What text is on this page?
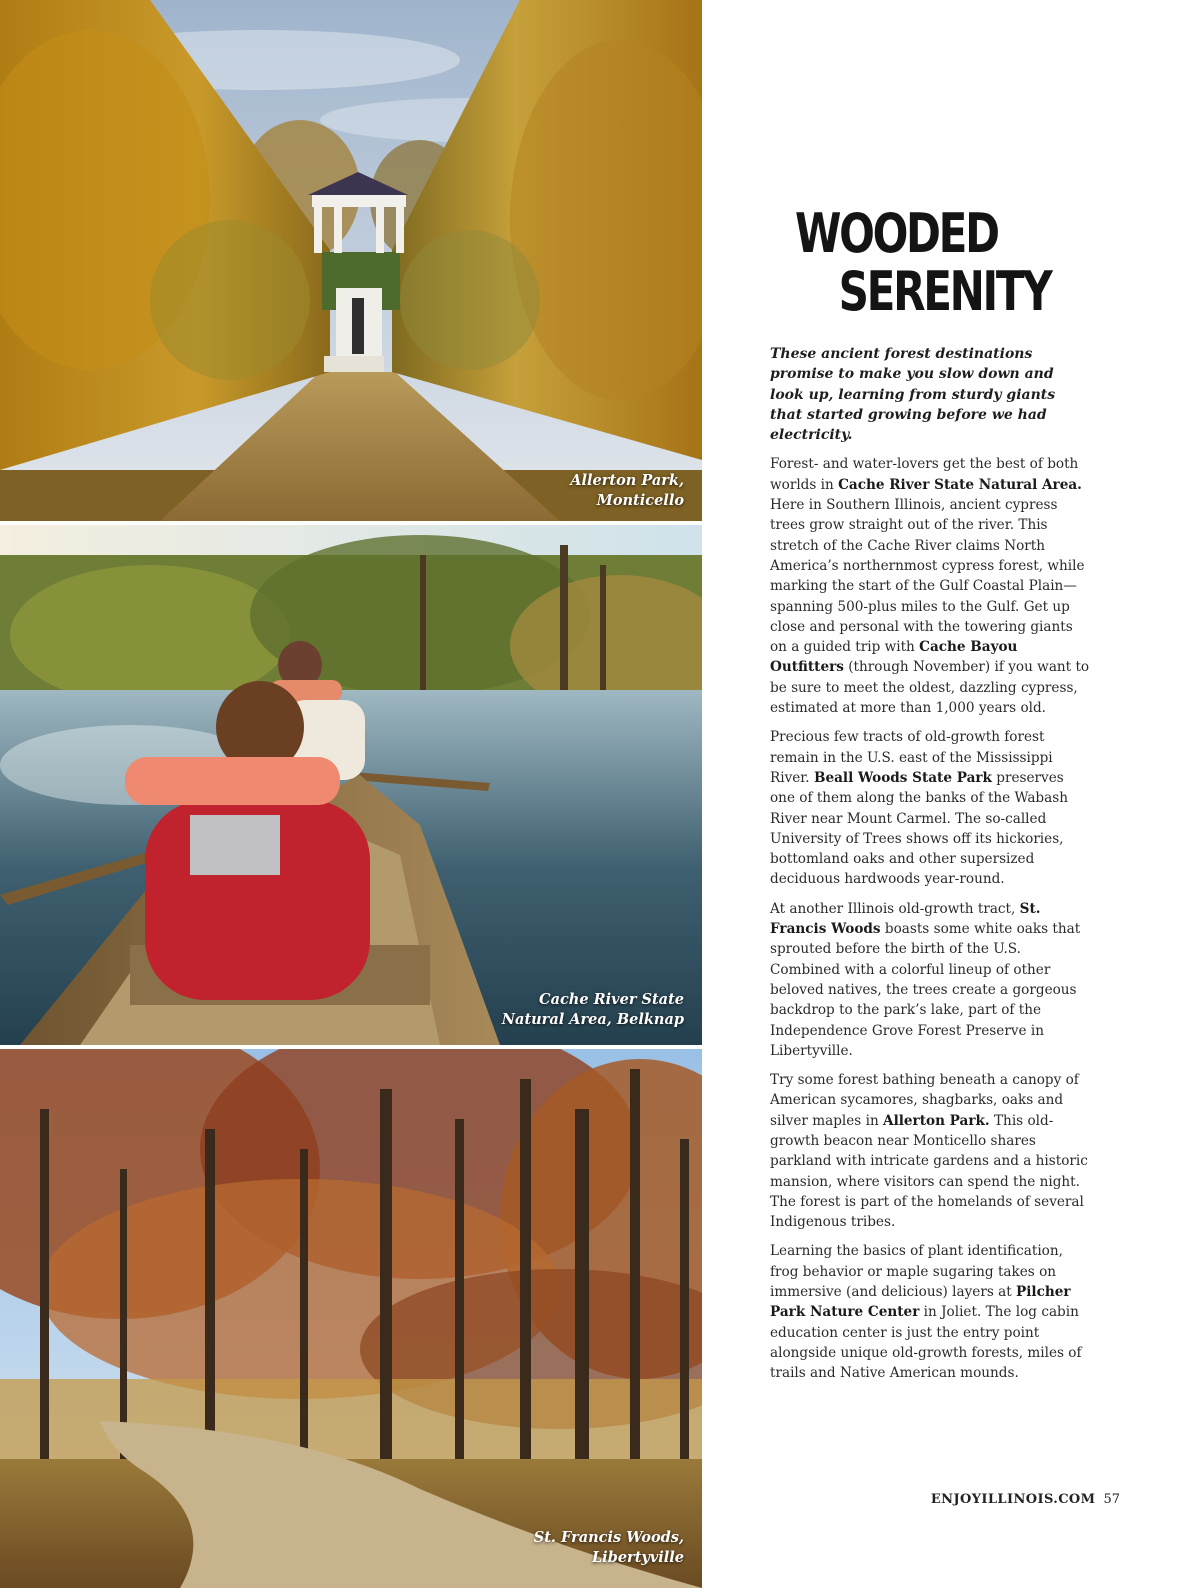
Allerton Park,
Monticello
Cache River State
Natural Area, Belknap
St. Francis Woods,
Libertyville
WOODED
SERENITY

These ancient forest destinations promise to make you slow down and look up, learning from sturdy giants that started growing before we had electricity.

Forest- and water-lovers get the best of both worlds in Cache River State Natural Area. Here in Southern Illinois, ancient cypress trees grow straight out of the river. This stretch of the Cache River claims North America’s northernmost cypress forest, while marking the start of the Gulf Coastal Plain—spanning 500-plus miles to the Gulf. Get up close and personal with the towering giants on a guided trip with Cache Bayou Outfitters (through November) if you want to be sure to meet the oldest, dazzling cypress, estimated at more than 1,000 years old.

Precious few tracts of old-growth forest remain in the U.S. east of the Mississippi River. Beall Woods State Park preserves one of them along the banks of the Wabash River near Mount Carmel. The so-called University of Trees shows off its hickories, bottomland oaks and other supersized deciduous hardwoods year-round.

At another Illinois old-growth tract, St. Francis Woods boasts some white oaks that sprouted before the birth of the U.S. Combined with a colorful lineup of other beloved natives, the trees create a gorgeous backdrop to the park’s lake, part of the Independence Grove Forest Preserve in Libertyville.

Try some forest bathing beneath a canopy of American sycamores, shagbarks, oaks and silver maples in Allerton Park. This old-growth beacon near Monticello shares parkland with intricate gardens and a historic mansion, where visitors can spend the night. The forest is part of the homelands of several Indigenous tribes.

Learning the basics of plant identification, frog behavior or maple sugaring takes on immersive (and delicious) layers at Pilcher Park Nature Center in Joliet. The log cabin education center is just the entry point alongside unique old-growth forests, miles of trails and Native American mounds.

ENJOYILLINOIS.COM 57
